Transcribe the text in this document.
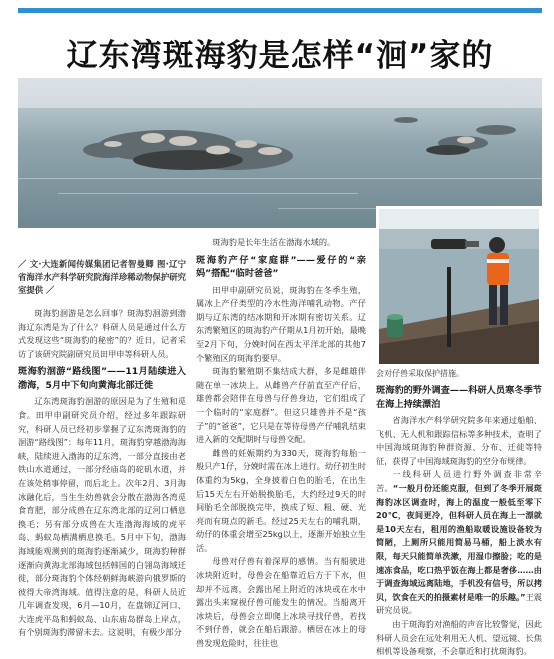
辽东湾斑海豹是怎样“洄”家的
会对仔兽采取保护措施。

／ 文·大连新闻传媒集团记者智曼卿 图·辽宁省海洋水产科学研究院海洋珍稀动物保护研究室提供 ／

斑海豹洄游是怎么回事？斑海豹洄游到渤海辽东湾是为了什么？科研人员是通过什么方式发现这些“斑海豹的秘密”的？近日，记者采访了该研究院副研究员田甲申等科研人员。

斑海豹洄游“路线图”——11月陆续进入渤海，5月中下旬向黄海北部迁徙

辽东湾斑海豹洄游的原因是为了生殖和觅食。田甲申副研究员介绍，经过多年跟踪研究，科研人员已经初步掌握了辽东湾斑海豹的洄游“路线图”：每年11月，斑海豹穿越渤海海峡，陆续进入渤海的辽东湾，一部分直接由老铁山水道通过，一部分经庙岛的砣矶水道，并在该处稍事停留，而后北上。次年2月、3月海冰融化后，当生生幼兽就会分散在渤海各湾觅食育肥，部分成兽在辽东湾北部的辽河口栖息换毛；另有部分成兽在大连渤海海域的虎平岛、蚂蚁岛栖满栖息换毛。5月中下旬，渤海海域能观测到的斑海豹逐渐减少，斑海豹种群逐渐向黄海北部海域包括韩国的白翎岛海域迁徙，部分斑海豹个体经朝鲜海峡游向俄罗斯的彼得大帝湾海域。值得注意的是，科研人员近几年调查发现，6月—10月，在盘锦辽河口、大连虎平岛和蚂蚁岛、山东庙岛群岛上岸点，有个别斑海豹滞留未去。这说明，有极少部分

斑海豹是长年生活在渤海水域的。

斑海豹产仔“家庭群”——爱仔的“亲妈”搭配“临时爸爸”

田甲申副研究员说，斑海豹在冬季生殖，属冰上产仔类型的冷水性海洋哺乳动物。产仔期与辽东湾的结冰期和开冰期有密切关系。辽东湾繁殖区的斑海豹产仔期从1月初开始，最晚至2月下旬，分娩时间在西太平洋北部的其他7个繁殖区的斑海豹要早。

斑海豹繁殖期不集结成大群，多是雌雄伴随在单一冰块上。从雌兽产仔前直至产仔后，雄兽都会陪伴在母兽与仔兽身边，它们组成了一个临时的“家庭群”。但这只雄兽并不是“孩子”的“爸爸”，它只是在等待母兽产仔哺乳结束进入新的交配期时与母兽交配。

雌兽的妊娠期约为330天，斑海豹每胎一般只产1仔，分娩时需在冰上进行。幼仔初生时体重约为5kg，全身披着白色的胎毛，在出生后15天左右开始脱换胎毛，大约经过9天的时间胎毛全部脱换完毕，换成了短、粗、硬、光亮而有斑点的新毛。经过25天左右的哺乳期，幼仔的体重会增至25kg以上，逐渐开始独立生活。

母兽对仔兽有着深厚的感情。当有船驶进冰块附近时，母兽会在船靠近后方于下水，但却并不远离，会露出尾上附近的冰块或在水中露出头来窥视仔兽可能发生的情况。当船离开冰块后，母兽会立即爬上冰块寻找仔兽，若找不到仔兽，就会在船后跟游。栖居在冰上的母兽发现危险时，往往也

斑海豹的野外调查——科研人员寒冬季节在海上持续漂泊

省海洋水产科学研究院多年来通过船舶、飞机、无人机和跟踪信标等多种技术，查明了中国海域斑海豹种群资源、分布、迁徙等特征，获得了中国海域斑海豹的空分布规律。

一线科研人员进行野外调查非常辛苦。“一般月份还能克服，但到了冬季开展斑海豹冰区调查时，海上的温度一般低至零下20℃，夜间更冷，但科研人员在海上一漂就是10天左右，租用的渔船取暖设施设备较为简陋，上厕所只能用简易马桶，船上淡水有限，每天只能简单洗漱，用湿巾擦脸；吃的是速冻食品，吃口热乎饭在海上都是奢侈……由于调查海域远离陆地，手机没有信号，所以拷贝，饮食在天的拍摄素材是唯一的乐趣。”王震研究员说。

由于斑海豹对渔船的声音比较警觉，因此科研人员会在远处利用无人机、望远镜、长焦相机等设备观察，不会靠近和打扰斑海豹。
